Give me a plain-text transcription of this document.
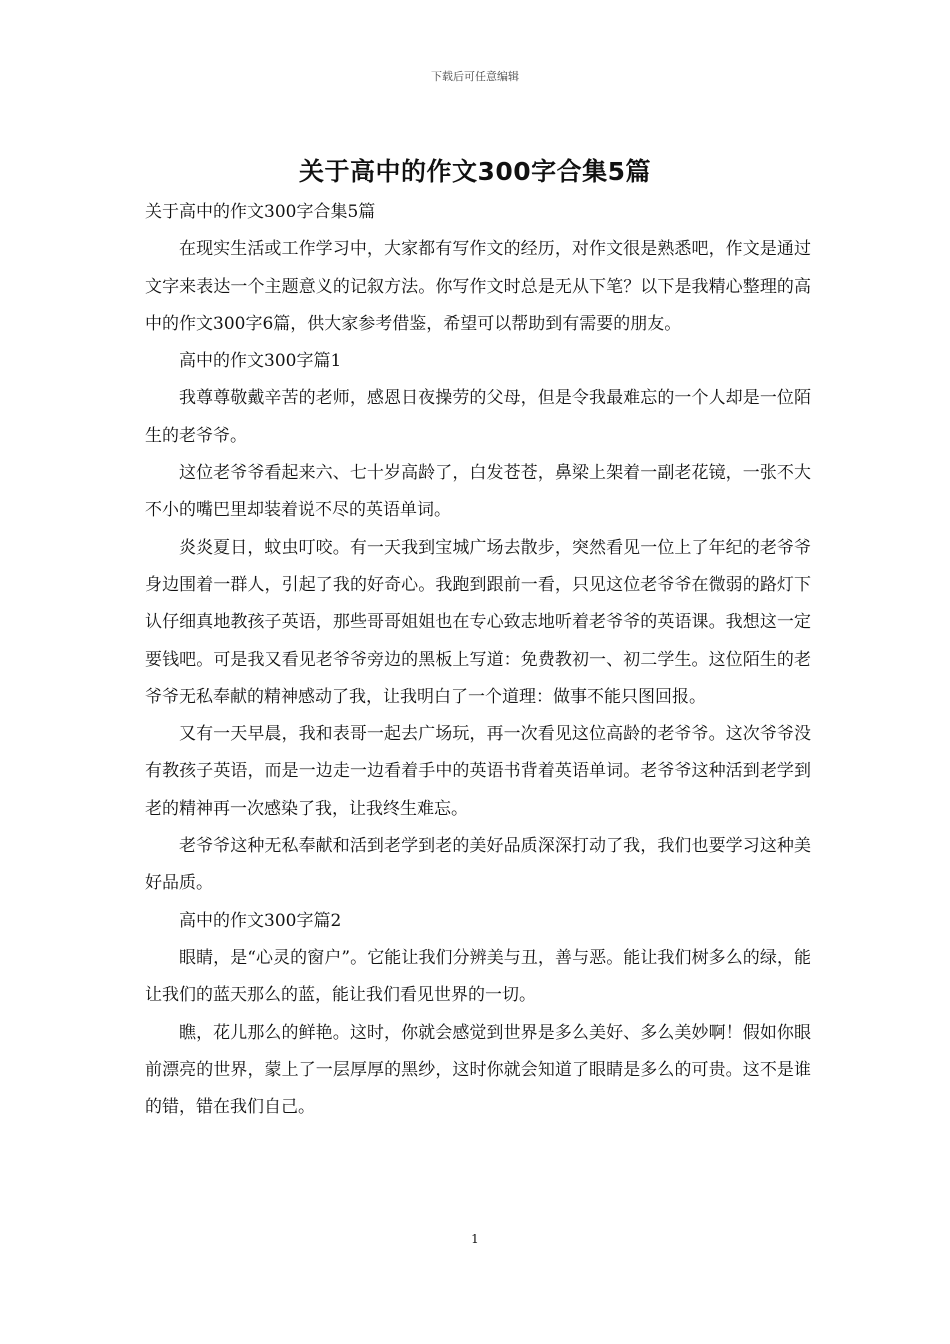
下载后可任意编辑
关于高中的作文300字合集5篇

关于高中的作文300字合集5篇

在现实生活或工作学习中，大家都有写作文的经历，对作文很是熟悉吧，作文是通过文字来表达一个主题意义的记叙方法。你写作文时总是无从下笔？以下是我精心整理的高中的作文300字6篇，供大家参考借鉴，希望可以帮助到有需要的朋友。

高中的作文300字篇1

我尊尊敬戴辛苦的老师，感恩日夜操劳的父母，但是令我最难忘的一个人却是一位陌生的老爷爷。

这位老爷爷看起来六、七十岁高龄了，白发苍苍，鼻梁上架着一副老花镜，一张不大不小的嘴巴里却装着说不尽的英语单词。

炎炎夏日，蚊虫叮咬。有一天我到宝城广场去散步，突然看见一位上了年纪的老爷爷身边围着一群人，引起了我的好奇心。我跑到跟前一看，只见这位老爷爷在微弱的路灯下认仔细真地教孩子英语，那些哥哥姐姐也在专心致志地听着老爷爷的英语课。我想这一定要钱吧。可是我又看见老爷爷旁边的黑板上写道：免费教初一、初二学生。这位陌生的老爷爷无私奉献的精神感动了我，让我明白了一个道理：做事不能只图回报。

又有一天早晨，我和表哥一起去广场玩，再一次看见这位高龄的老爷爷。这次爷爷没有教孩子英语，而是一边走一边看着手中的英语书背着英语单词。老爷爷这种活到老学到老的精神再一次感染了我，让我终生难忘。

老爷爷这种无私奉献和活到老学到老的美好品质深深打动了我，我们也要学习这种美好品质。

高中的作文300字篇2

眼睛，是“心灵的窗户”。它能让我们分辨美与丑，善与恶。能让我们树多么的绿，能让我们的蓝天那么的蓝，能让我们看见世界的一切。

瞧，花儿那么的鲜艳。这时，你就会感觉到世界是多么美好、多么美妙啊！假如你眼前漂亮的世界，蒙上了一层厚厚的黑纱，这时你就会知道了眼睛是多么的可贵。这不是谁的错，错在我们自己。

1
